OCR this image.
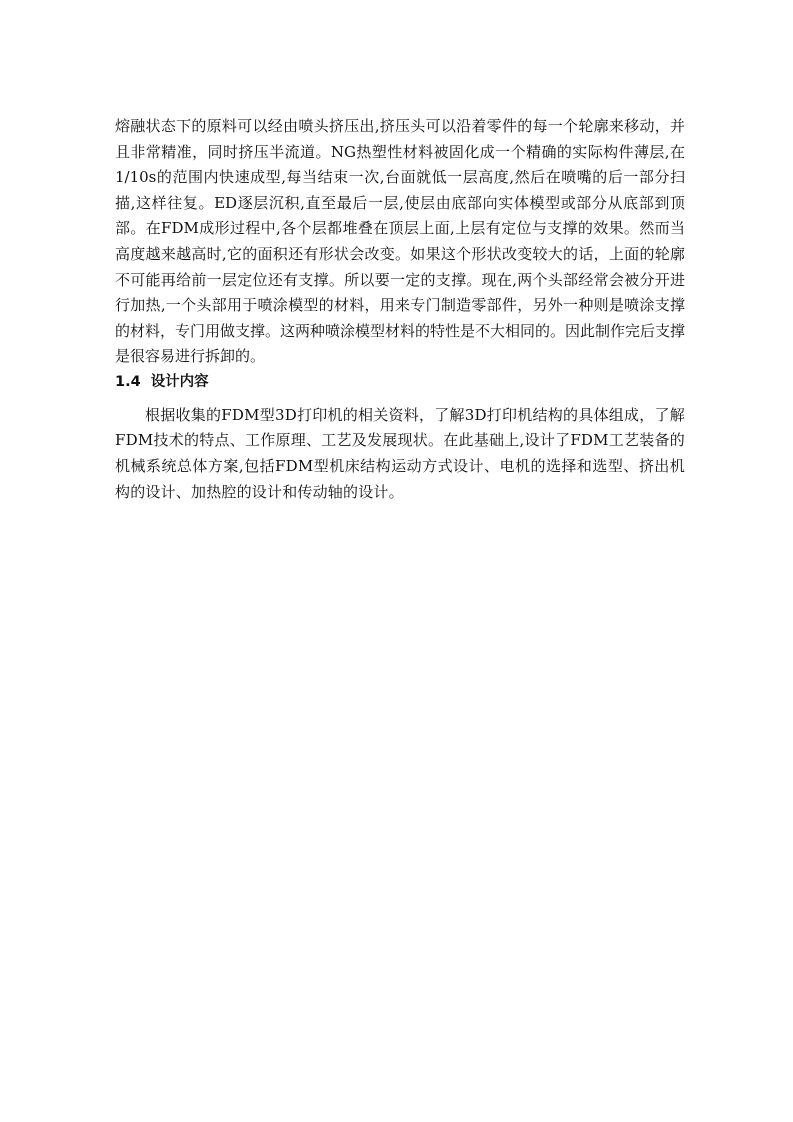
熔融状态下的原料可以经由喷头挤压出,挤压头可以沿着零件的每一个轮廓来移动，并且非常精准，同时挤压半流道。NG热塑性材料被固化成一个精确的实际构件薄层,在1/10s的范围内快速成型,每当结束一次,台面就低一层高度,然后在喷嘴的后一部分扫描,这样往复。ED逐层沉积,直至最后一层,使层由底部向实体模型或部分从底部到顶部。在FDM成形过程中,各个层都堆叠在顶层上面,上层有定位与支撑的效果。然而当高度越来越高时,它的面积还有形状会改变。如果这个形状改变较大的话，上面的轮廓不可能再给前一层定位还有支撑。所以要一定的支撑。现在,两个头部经常会被分开进行加热,一个头部用于喷涂模型的材料，用来专门制造零部件，另外一种则是喷涂支撑的材料，专门用做支撑。这两种喷涂模型材料的特性是不大相同的。因此制作完后支撑是很容易进行拆卸的。

1.4 设计内容

根据收集的FDM型3D打印机的相关资料，了解3D打印机结构的具体组成，了解FDM技术的特点、工作原理、工艺及发展现状。在此基础上,设计了FDM工艺装备的机械系统总体方案,包括FDM型机床结构运动方式设计、电机的选择和选型、挤出机构的设计、加热腔的设计和传动轴的设计。
